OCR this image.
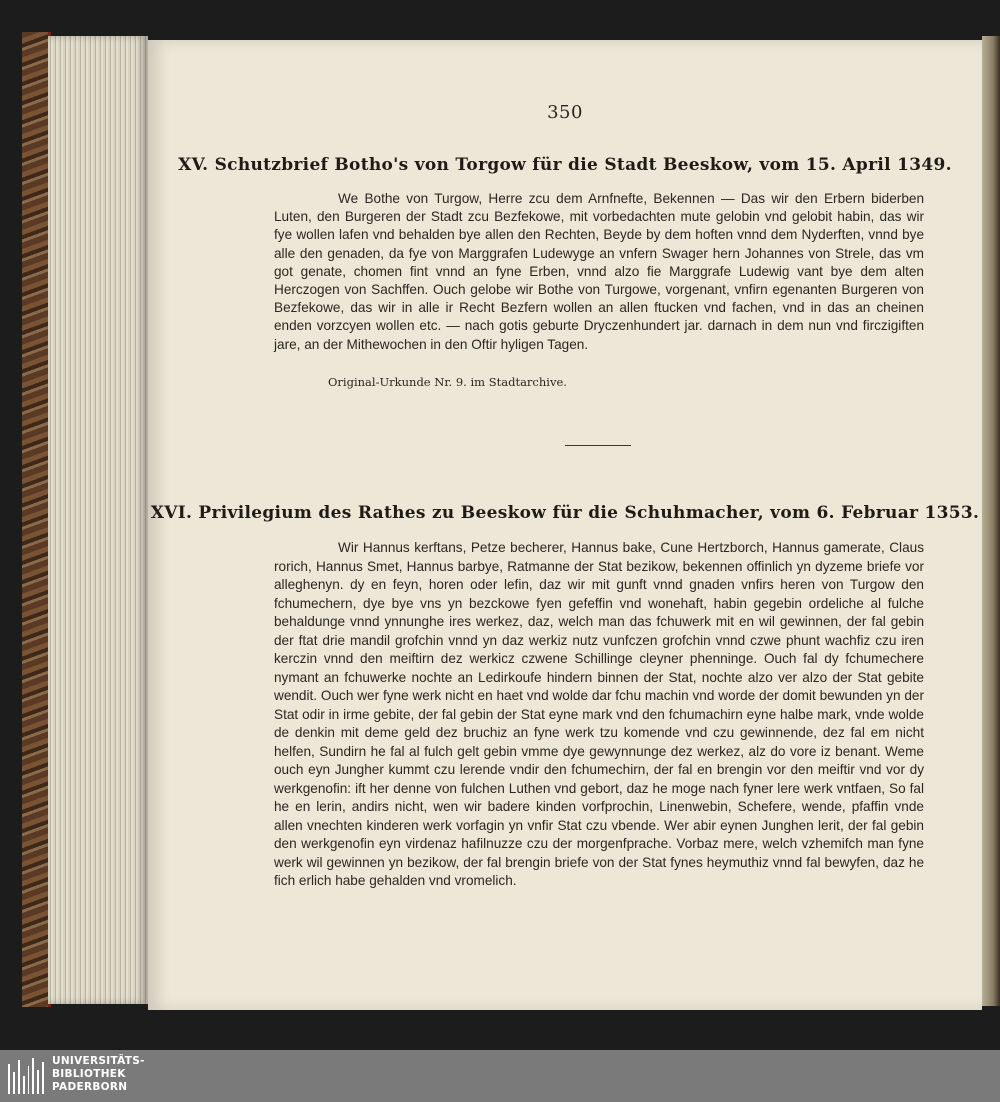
350
XV. Schutzbrief Botho's von Torgow für die Stadt Beeskow, vom 15. April 1349.

We Bothe von Turgow, Herre zcu dem Arnfnefte, Bekennen — Das wir den Erbern biderben Luten, den Burgeren der Stadt zcu Bezfekowe, mit vorbedachten mute gelobin vnd gelobit habin, das wir fye wollen lafen vnd behalden bye allen den Rechten, Beyde by dem hoften vnnd dem Nyderften, vnnd bye alle den genaden, da fye von Marggrafen Ludewyge an vnfern Swager hern Johannes von Strele, das vm got genate, chomen fint vnnd an fyne Erben, vnnd alzo fie Marggrafe Ludewig vant bye dem alten Herczogen von Sachffen. Ouch gelobe wir Bothe von Turgowe, vorgenant, vnfirn egenanten Burgeren von Bezfekowe, das wir in alle ir Recht Bezfern wollen an allen ftucken vnd fachen, vnd in das an cheinen enden vorzcyen wollen etc. — nach gotis geburte Dryczenhundert jar. darnach in dem nun vnd firczigiften jare, an der Mithewochen in den Oftir hyligen Tagen.

Original-Urkunde Nr. 9. im Stadtarchive.
XVI. Privilegium des Rathes zu Beeskow für die Schuhmacher, vom 6. Februar 1353.

Wir Hannus kerftans, Petze becherer, Hannus bake, Cune Hertzborch, Hannus gamerate, Claus rorich, Hannus Smet, Hannus barbye, Ratmanne der Stat bezikow, bekennen offinlich yn dyzeme briefe vor alleghenyn. dy en feyn, horen oder lefin, daz wir mit gunft vnnd gnaden vnfirs heren von Turgow den fchumechern, dye bye vns yn bezckowe fyen gefeffin vnd wonehaft, habin gegebin ordeliche al fulche behaldunge vnnd ynnunghe ires werkez, daz, welch man das fchuwerk mit en wil gewinnen, der fal gebin der ftat drie mandil grofchin vnnd yn daz werkiz nutz vunfczen grofchin vnnd czwe phunt wachfiz czu iren kerczin vnnd den meiftirn dez werkicz czwene Schillinge cleyner phenninge. Ouch fal dy fchumechere nymant an fchuwerke nochte an Ledirkoufe hindern binnen der Stat, nochte alzo ver alzo der Stat gebite wendit. Ouch wer fyne werk nicht en haet vnd wolde dar fchu machin vnd worde der domit bewunden yn der Stat odir in irme gebite, der fal gebin der Stat eyne mark vnd den fchumachirn eyne halbe mark, vnde wolde de denkin mit deme geld dez bruchiz an fyne werk tzu komende vnd czu gewinnende, dez fal em nicht helfen, Sundirn he fal al fulch gelt gebin vmme dye gewynnunge dez werkez, alz do vore iz benant. Weme ouch eyn Jungher kummt czu lerende vndir den fchumechirn, der fal en brengin vor den meiftir vnd vor dy werkgenofin: ift her denne von fulchen Luthen vnd gebort, daz he moge nach fyner lere werk vntfaen, So fal he en lerin, andirs nicht, wen wir badere kinden vorfprochin, Linenwebin, Schefere, wende, pfaffin vnde allen vnechten kinderen werk vorfagin yn vnfir Stat czu vbende. Wer abir eynen Junghen lerit, der fal gebin den werkgenofin eyn virdenaz hafilnuzze czu der morgenfprache. Vorbaz mere, welch vzhemifch man fyne werk wil gewinnen yn bezikow, der fal brengin briefe von der Stat fynes heymuthiz vnnd fal bewyfen, daz he fich erlich habe gehalden vnd vromelich.

UNIVERSITÄTS-
BIBLIOTHEK
PADERBORN
